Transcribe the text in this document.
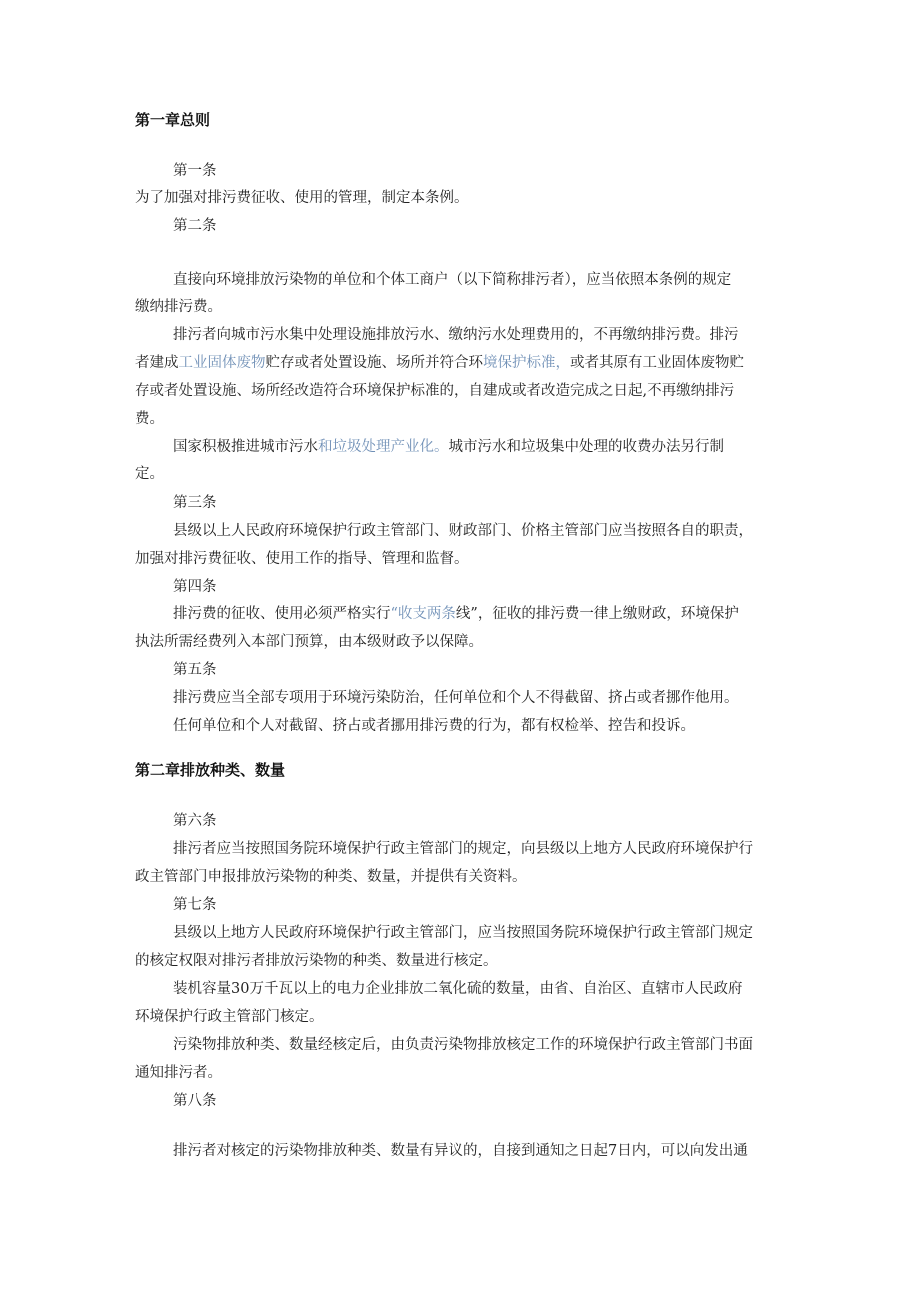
第一章总则
第一条
为了加强对排污费征收、使用的管理，制定本条例。
第二条
直接向环境排放污染物的单位和个体工商户（以下简称排污者），应当依照本条例的规定
缴纳排污费。
排污者向城市污水集中处理设施排放污水、缴纳污水处理费用的，不再缴纳排污费。排污
者建成工业固体废物贮存或者处置设施、场所并符合环境保护标准，或者其原有工业固体废物贮
存或者处置设施、场所经改造符合环境保护标准的，自建成或者改造完成之日起,不再缴纳排污
费。
国家积极推进城市污水和垃圾处理产业化。城市污水和垃圾集中处理的收费办法另行制
定。
第三条
县级以上人民政府环境保护行政主管部门、财政部门、价格主管部门应当按照各自的职责，
加强对排污费征收、使用工作的指导、管理和监督。
第四条
排污费的征收、使用必须严格实行“收支两条线”，征收的排污费一律上缴财政，环境保护
执法所需经费列入本部门预算，由本级财政予以保障。
第五条
排污费应当全部专项用于环境污染防治，任何单位和个人不得截留、挤占或者挪作他用。
任何单位和个人对截留、挤占或者挪用排污费的行为，都有权检举、控告和投诉。
第二章排放种类、数量
第六条
排污者应当按照国务院环境保护行政主管部门的规定，向县级以上地方人民政府环境保护行
政主管部门申报排放污染物的种类、数量，并提供有关资料。
第七条
县级以上地方人民政府环境保护行政主管部门，应当按照国务院环境保护行政主管部门规定
的核定权限对排污者排放污染物的种类、数量进行核定。
装机容量30万千瓦以上的电力企业排放二氧化硫的数量，由省、自治区、直辖市人民政府
环境保护行政主管部门核定。
污染物排放种类、数量经核定后，由负责污染物排放核定工作的环境保护行政主管部门书面
通知排污者。
第八条
排污者对核定的污染物排放种类、数量有异议的，自接到通知之日起7日内，可以向发出通
